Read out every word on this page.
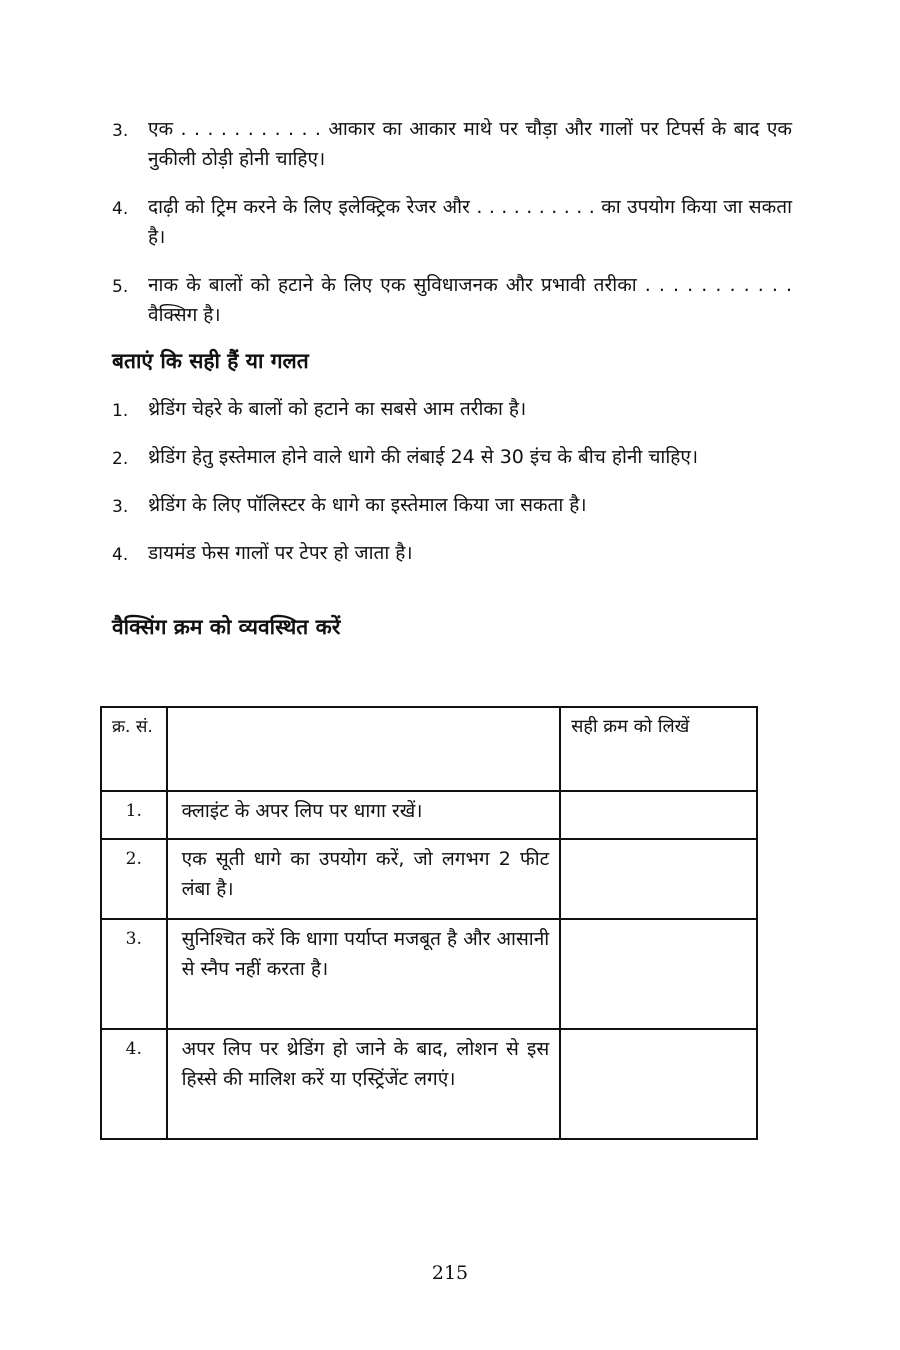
3.	एक . . . . . . . . . . . आकार का आकार माथे पर चौड़ा और गालों पर टिपर्स के बाद एक नुकीली ठोड़ी होनी चाहिए।
4.	दाढ़ी को ट्रिम करने के लिए इलेक्ट्रिक रेजर और . . . . . . . . . . का उपयोग किया जा सकता है।
5.	नाक के बालों को हटाने के लिए एक सुविधाजनक और प्रभावी तरीका . . . . . . . . . . . वैक्सिग है।
बताएं कि सही हैं या गलत
1.	थ्रेडिंग चेहरे के बालों को हटाने का सबसे आम तरीका है।
2.	थ्रेडिंग हेतु इस्तेमाल होने वाले धागे की लंबाई 24 से 30 इंच के बीच होनी चाहिए।
3.	थ्रेडिंग के लिए पॉलिस्टर के धागे का इस्तेमाल किया जा सकता है।
4.	डायमंड फेस गालों पर टेपर हो जाता है।
वैक्सिंग क्रम को व्यवस्थित करें
क्र. सं.		सही क्रम को लिखें
1.	क्लाइंट के अपर लिप पर धागा रखें।	
2.	एक सूती धागे का उपयोग करें, जो लगभग 2 फीट लंबा है।	
3.	सुनिश्चित करें कि धागा पर्याप्त मजबूत है और आसानी से स्नैप नहीं करता है।	
4.	अपर लिप पर थ्रेडिंग हो जाने के बाद, लोशन से इस हिस्से की मालिश करें या एस्ट्रिंजेंट लगएं।	
215
